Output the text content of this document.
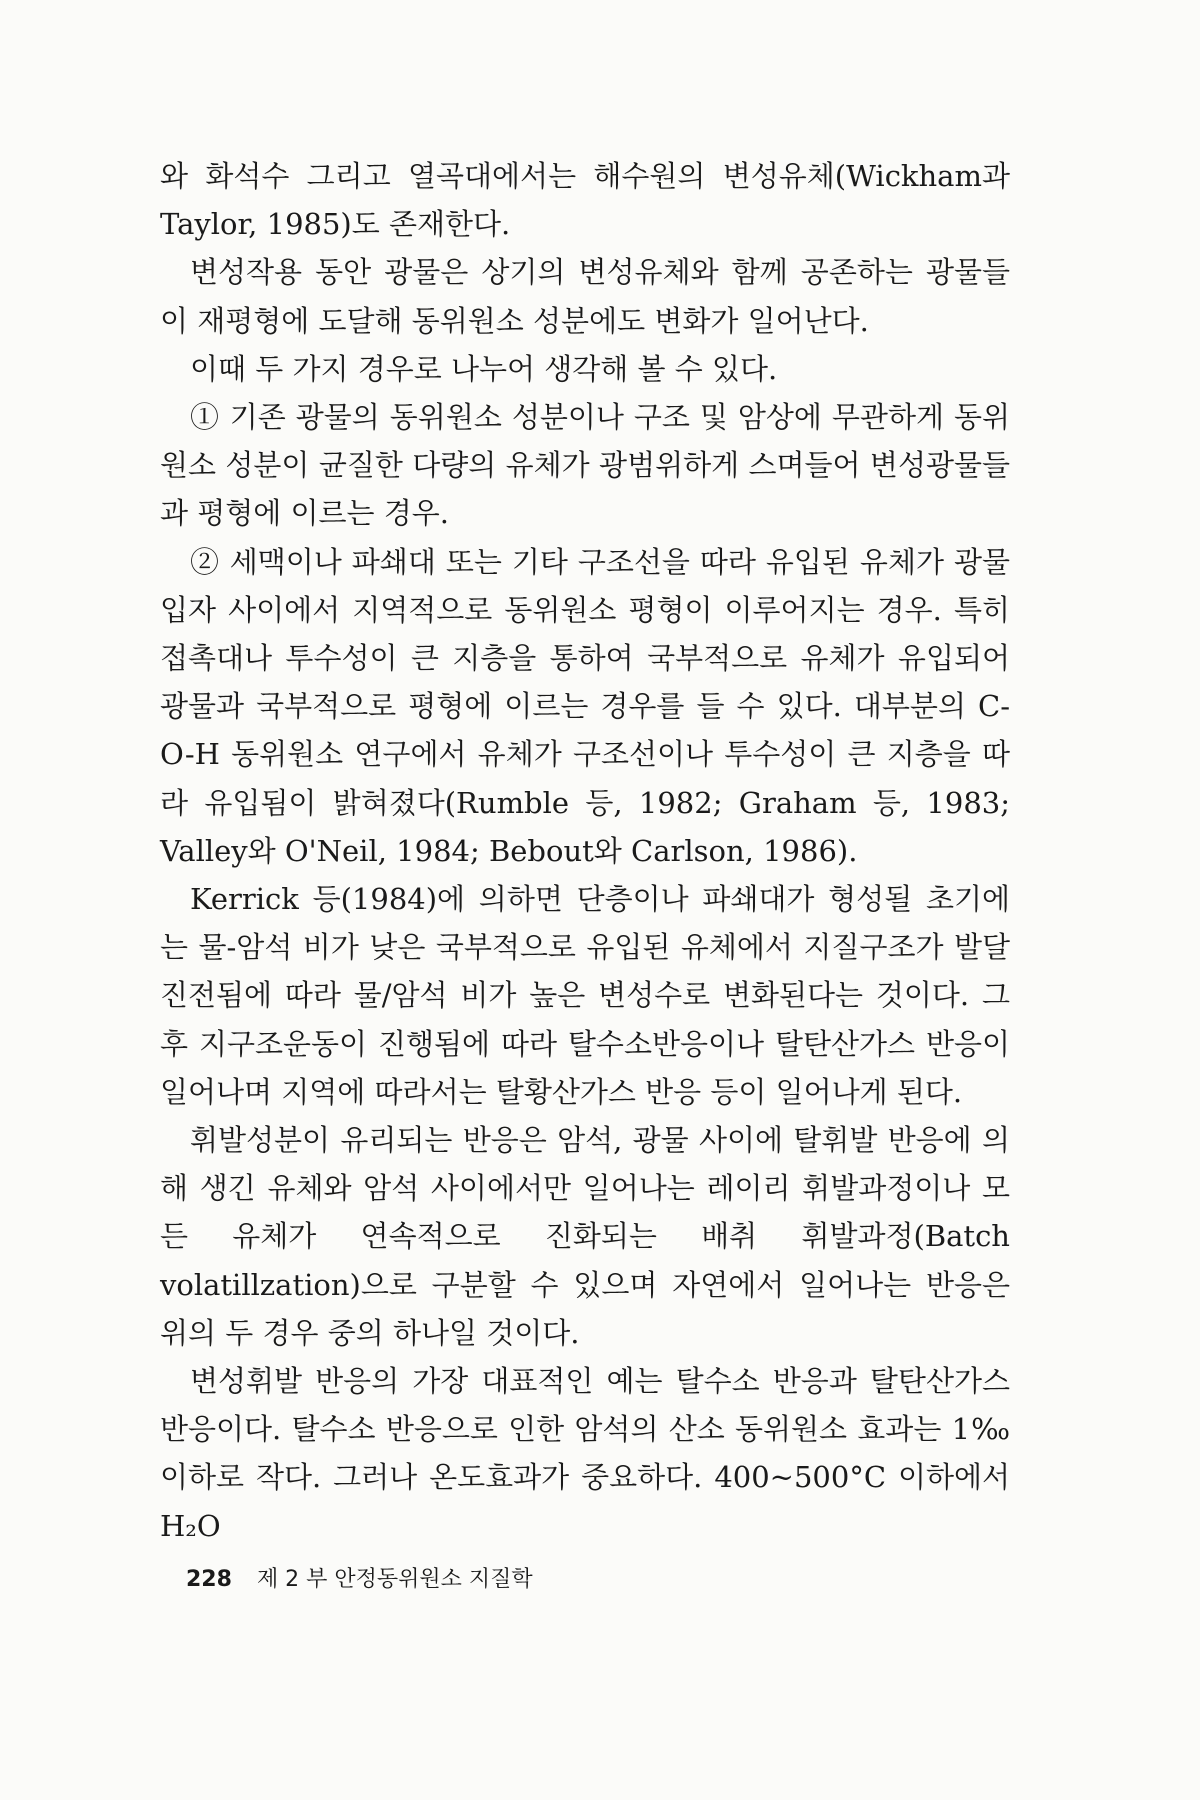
와 화석수 그리고 열곡대에서는 해수원의 변성유체(Wickham과 Taylor, 1985)도 존재한다.

변성작용 동안 광물은 상기의 변성유체와 함께 공존하는 광물들이 재평형에 도달해 동위원소 성분에도 변화가 일어난다.

이때 두 가지 경우로 나누어 생각해 볼 수 있다.

① 기존 광물의 동위원소 성분이나 구조 및 암상에 무관하게 동위원소 성분이 균질한 다량의 유체가 광범위하게 스며들어 변성광물들과 평형에 이르는 경우.

② 세맥이나 파쇄대 또는 기타 구조선을 따라 유입된 유체가 광물입자 사이에서 지역적으로 동위원소 평형이 이루어지는 경우. 특히 접촉대나 투수성이 큰 지층을 통하여 국부적으로 유체가 유입되어 광물과 국부적으로 평형에 이르는 경우를 들 수 있다. 대부분의 C-O-H 동위원소 연구에서 유체가 구조선이나 투수성이 큰 지층을 따라 유입됨이 밝혀졌다(Rumble 등, 1982; Graham 등, 1983; Valley와 O'Neil, 1984; Bebout와 Carlson, 1986).

Kerrick 등(1984)에 의하면 단층이나 파쇄대가 형성될 초기에는 물-암석 비가 낮은 국부적으로 유입된 유체에서 지질구조가 발달 진전됨에 따라 물/암석 비가 높은 변성수로 변화된다는 것이다. 그 후 지구조운동이 진행됨에 따라 탈수소반응이나 탈탄산가스 반응이 일어나며 지역에 따라서는 탈황산가스 반응 등이 일어나게 된다.

휘발성분이 유리되는 반응은 암석, 광물 사이에 탈휘발 반응에 의해 생긴 유체와 암석 사이에서만 일어나는 레이리 휘발과정이나 모든 유체가 연속적으로 진화되는 배취 휘발과정(Batch volatillzation)으로 구분할 수 있으며 자연에서 일어나는 반응은 위의 두 경우 중의 하나일 것이다.

변성휘발 반응의 가장 대표적인 예는 탈수소 반응과 탈탄산가스 반응이다. 탈수소 반응으로 인한 암석의 산소 동위원소 효과는 1‰ 이하로 작다. 그러나 온도효과가 중요하다. 400~500°C 이하에서 H₂O

228 제 2 부 안정동위원소 지질학
